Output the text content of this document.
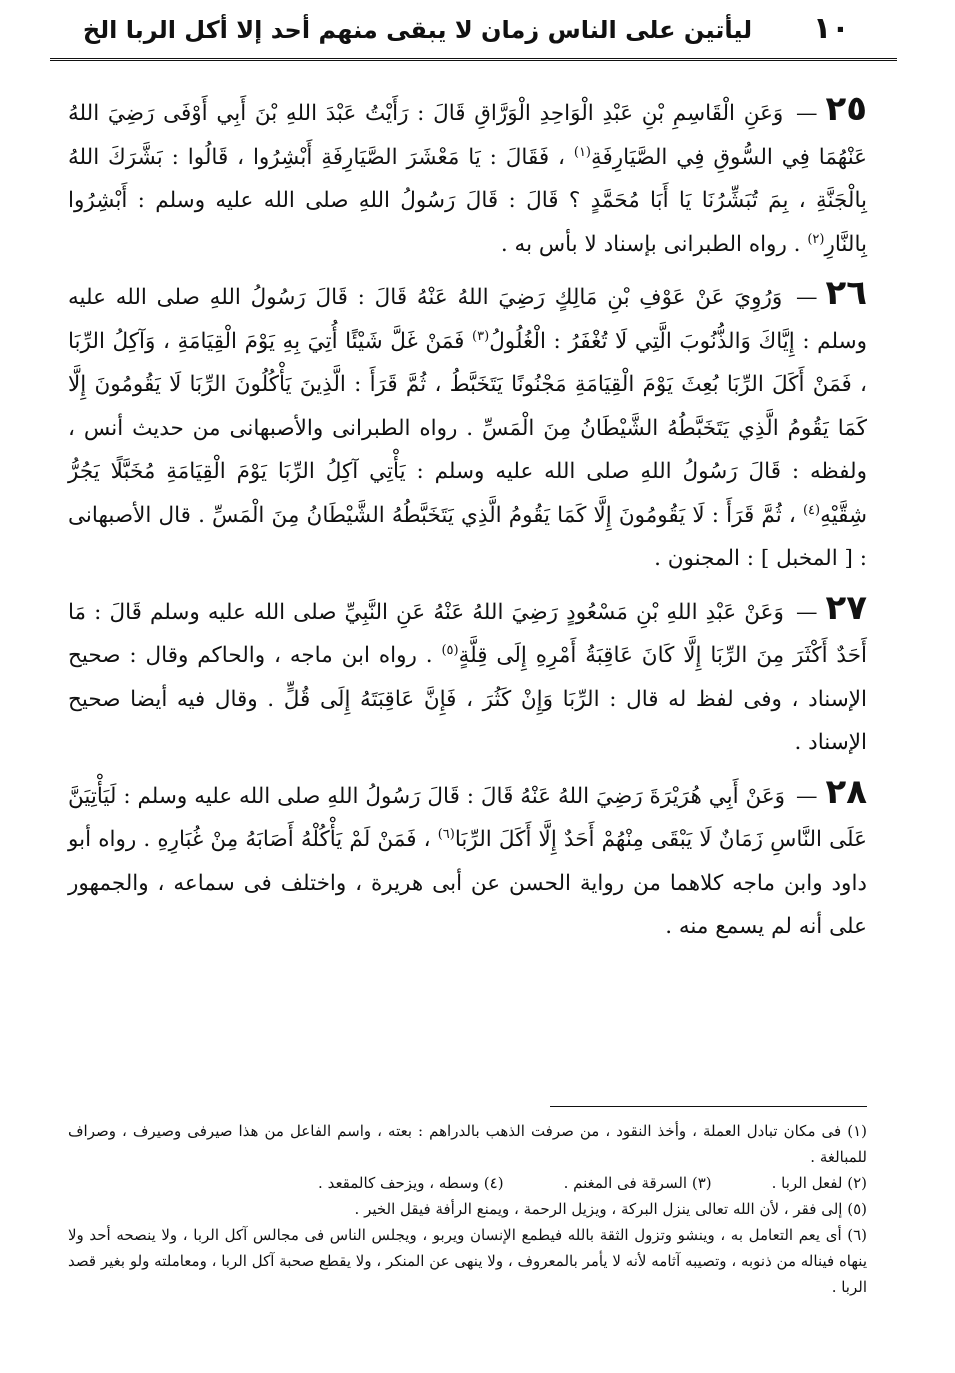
١٠
ليأتين على الناس زمان لا يبقى منهم أحد إلا أكل الربا الخ

٢٥— وَعَنِ الْقَاسِمِ بْنِ عَبْدِ الْوَاحِدِ الْوَرَّاقِ قَالَ : رَأَيْتُ عَبْدَ اللهِ بْنَ أَبِي أَوْفَى رَضِيَ اللهُ عَنْهُمَا فِي السُّوقِ فِي الصَّيَارِفَةِ$^{(١)}$ ، فَقَالَ : يَا مَعْشَرَ الصَّيَارِفَةِ أَبْشِرُوا ، قَالُوا : بَشَّرَكَ اللهُ بِالْجَنَّةِ ، بِمَ تُبَشِّرُنَا يَا أَبَا مُحَمَّدٍ ؟ قَالَ : قَالَ رَسُولُ اللهِ صلى الله عليه وسلم : أَبْشِرُوا بِالنَّارِ$^{(٢)}$ . رواه الطبرانى بإسناد لا بأس به .

٢٦— وَرُوِيَ عَنْ عَوْفِ بْنِ مَالِكٍ رَضِيَ اللهُ عَنْهُ قَالَ : قَالَ رَسُولُ اللهِ صلى الله عليه وسلم : إِيَّاكَ وَالذُّنُوبَ الَّتِي لَا تُغْفَرُ : الْغُلُولُ$^{(٣)}$ فَمَنْ غَلَّ شَيْئًا أُتِيَ بِهِ يَوْمَ الْقِيَامَةِ ، وَآكِلُ الرِّبَا ، فَمَنْ أَكَلَ الرِّبَا بُعِثَ يَوْمَ الْقِيَامَةِ مَجْنُونًا يَتَخَبَّطُ ، ثُمَّ قَرَأَ : الَّذِينَ يَأْكُلُونَ الرِّبَا لَا يَقُومُونَ إِلَّا كَمَا يَقُومُ الَّذِي يَتَخَبَّطُهُ الشَّيْطَانُ مِنَ الْمَسِّ . رواه الطبرانى والأصبهانى من حديث أنس ، ولفظه : قَالَ رَسُولُ اللهِ صلى الله عليه وسلم : يَأْتِي آكِلُ الرِّبَا يَوْمَ الْقِيَامَةِ مُخَبَّلًا يَجُرُّ شِقَّيْهِ$^{(٤)}$ ، ثُمَّ قَرَأَ : لَا يَقُومُونَ إِلَّا كَمَا يَقُومُ الَّذِي يَتَخَبَّطُهُ الشَّيْطَانُ مِنَ الْمَسِّ . قال الأصبهانى : [ المخبل ] : المجنون .

٢٧— وَعَنْ عَبْدِ اللهِ بْنِ مَسْعُودٍ رَضِيَ اللهُ عَنْهُ عَنِ النَّبِيِّ صلى الله عليه وسلم قَالَ : مَا أَحَدٌ أَكْثَرَ مِنَ الرِّبَا إِلَّا كَانَ عَاقِبَةُ أَمْرِهِ إِلَى قِلَّةٍ$^{(٥)}$ . رواه ابن ماجه ، والحاكم وقال : صحيح الإسناد ، وفى لفظ له قال : الرِّبَا وَإِنْ كَثُرَ ، فَإِنَّ عَاقِبَتَهُ إِلَى قُلٍّ . وقال فيه أيضا صحيح الإسناد .

٢٨— وَعَنْ أَبِي هُرَيْرَةَ رَضِيَ اللهُ عَنْهُ قَالَ : قَالَ رَسُولُ اللهِ صلى الله عليه وسلم : لَيَأْتِيَنَّ عَلَى النَّاسِ زَمَانٌ لَا يَبْقَى مِنْهُمْ أَحَدٌ إِلَّا أَكَلَ الرِّبَا$^{(٦)}$ ، فَمَنْ لَمْ يَأْكُلْهُ أَصَابَهُ مِنْ غُبَارِهِ . رواه أبو داود وابن ماجه كلاهما من رواية الحسن عن أبى هريرة ، واختلف فى سماعه ، والجمهور على أنه لم يسمع منه .

(١) فى مكان تبادل العملة ، وأخذ النقود ، من صرفت الذهب بالدراهم : بعته ، واسم الفاعل من هذا صيرفى وصيرف ، وصراف للمبالغة .

(٢) لفعل الربا .
(٣) السرقة فى المغنم .
(٤) وسطه ، ويزحف كالمقعد .

(٥) إلى فقر ، لأن الله تعالى ينزل البركة ، ويزيل الرحمة ، ويمنع الرأفة فيقل الخير .

(٦) أى يعم التعامل به ، وينشو وتزول الثقة بالله فيطمع الإنسان ويربو ، ويجلس الناس فى مجالس آكل الربا ، ولا ينصحه أحد ولا ينهاه فيناله من ذنوبه ، وتصيبه آثامه لأنه لا يأمر بالمعروف ، ولا ينهى عن المنكر ، ولا يقطع صحبة آكل الربا ، ومعاملته ولو بغير قصد الربا .
